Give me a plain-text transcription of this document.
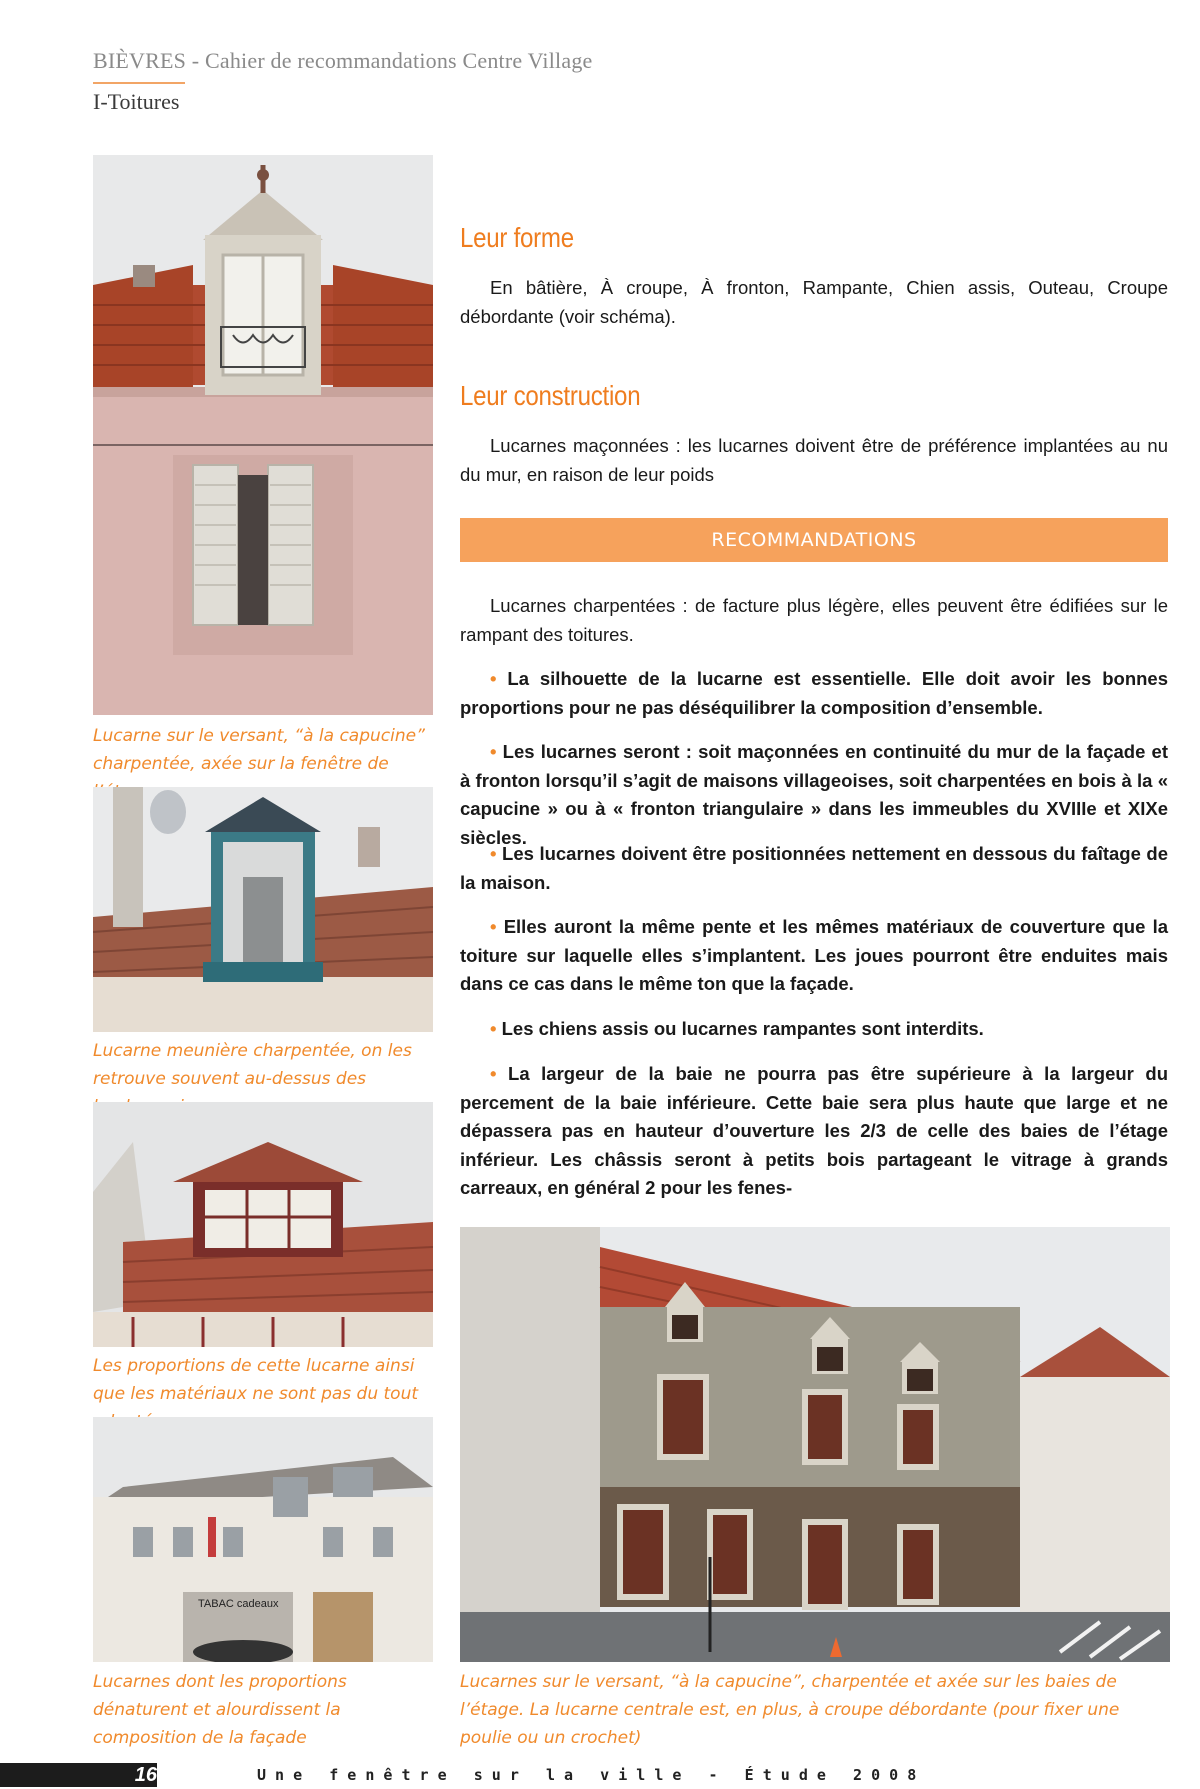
BIÈVRES - Cahier de recommandations Centre Village
I-Toitures
Lucarne sur le versant, “à la capucine” charpentée, axée sur la fenêtre de
Lucarne meunière charpentée, on les retrouve souvent au-dessus des
Les proportions de cette lucarne ainsi que les matériaux ne sont pas du tout
TABAC cadeaux
Lucarnes dont les proportions dénaturent et alourdissent la composition de la façade
Lucarnes sur le versant, “à la capucine”, charpentée et axée sur les baies de l’étage. La lucarne centrale est, en plus, à croupe débordante (pour fixer une poulie ou un crochet)
Leur forme
En bâtière, À croupe, À fronton, Rampante, Chien assis, Outeau, Croupe débordante (voir schéma).
Leur construction
Lucarnes maçonnées : les lucarnes doivent être de préférence implantées au nu du mur, en raison de leur poids
RECOMMANDATIONS
Lucarnes charpentées : de facture plus légère, elles peuvent être édifiées sur le rampant des toitures.
• La silhouette de la lucarne est essentielle. Elle doit avoir les bonnes proportions pour ne pas déséquilibrer la composition d’ensemble.
• Les lucarnes seront : soit maçonnées en continuité du mur de la façade et à fronton lorsqu’il s’agit de maisons villageoises, soit charpentées en bois à la « capucine » ou à « fronton triangulaire » dans les immeubles du XVIIIe et XIXe siècles.
• Les lucarnes doivent être positionnées nettement en dessous du faîtage de la maison.
• Elles auront la même pente et les mêmes matériaux de couverture que la toiture sur laquelle elles s’implantent. Les joues pourront être enduites mais dans ce cas dans le même ton que la façade.
• Les chiens assis ou lucarnes rampantes sont interdits.
• La largeur de la baie ne pourra pas être supérieure à la largeur du percement de la baie inférieure. Cette baie sera plus haute que large et ne dépassera pas en hauteur d’ouverture les 2/3 de celle des baies de l’étage inférieur. Les châssis seront à petits bois partageant le vitrage à grands carreaux, en général 2 pour les fenes-
16	U n e   f e n ê t r e   s u r   l a   v i l l e   -   É t u d e   2 0 0 8
